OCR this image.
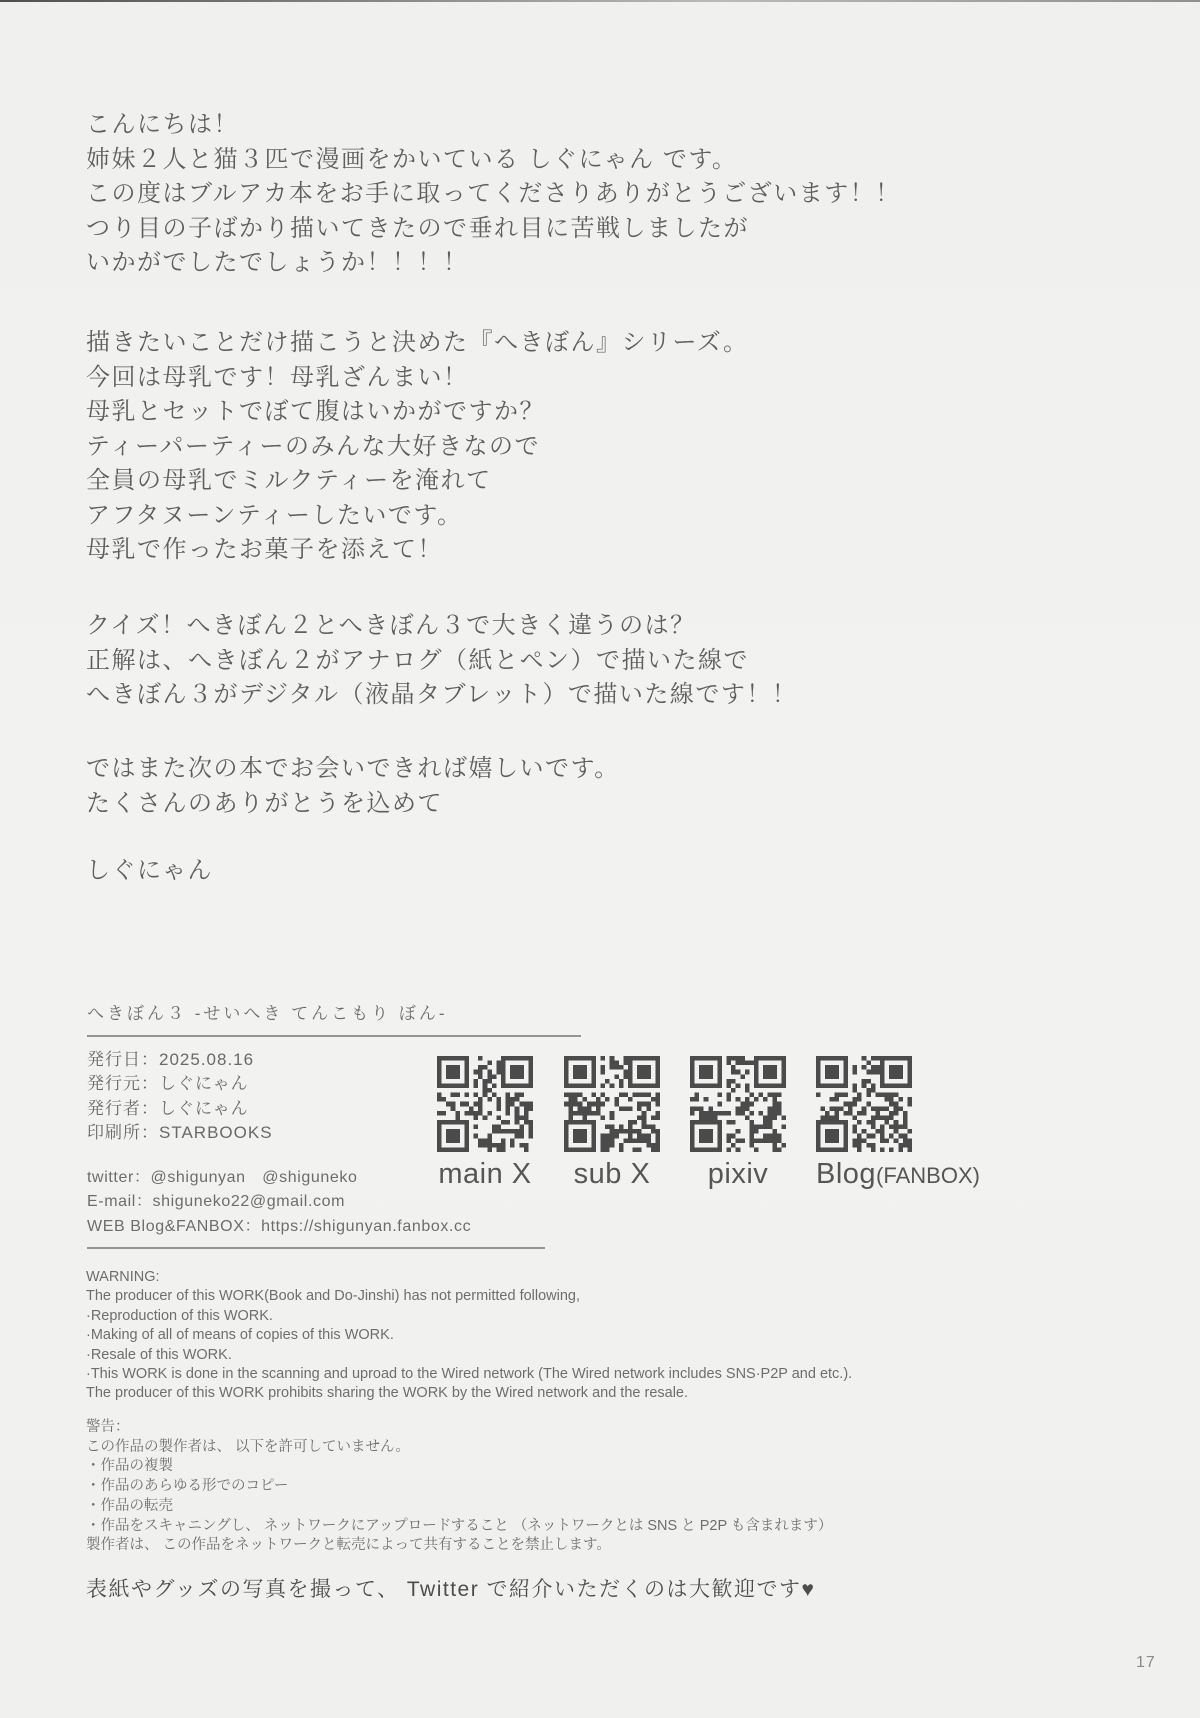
こんにちは！
姉妹２人と猫３匹で漫画をかいている しぐにゃん です。
この度はブルアカ本をお手に取ってくださりありがとうございます！！
つり目の子ばかり描いてきたので垂れ目に苦戦しましたが
いかがでしたでしょうか！！！！
描きたいことだけ描こうと決めた『へきぼん』シリーズ。
今回は母乳です！母乳ざんまい！
母乳とセットでぼて腹はいかがですか？
ティーパーティーのみんな大好きなので
全員の母乳でミルクティーを淹れて
アフタヌーンティーしたいです。
母乳で作ったお菓子を添えて！
クイズ！へきぼん２とへきぼん３で大きく違うのは？
正解は、へきぼん２がアナログ（紙とペン）で描いた線で
へきぼん３がデジタル（液晶タブレット）で描いた線です！！
ではまた次の本でお会いできれば嬉しいです。
たくさんのありがとうを込めて
しぐにゃん
へきぼん３ -せいへき てんこもり ぼん-
発行日：2025.08.16
発行元：しぐにゃん
発行者：しぐにゃん
印刷所：STARBOOKS
main X sub X pixiv Blog(FANBOX)
twitter：@shigunyan　@shiguneko
E-mail：shiguneko22@gmail.com
WEB Blog&FANBOX：https://shigunyan.fanbox.cc
WARNING:
The producer of this WORK(Book and Do-Jinshi) has not permitted following,
·Reproduction of this WORK.
·Making of all of means of copies of this WORK.
·Resale of this WORK.
·This WORK is done in the scanning and uproad to the Wired network (The Wired network includes SNS·P2P and etc.).
The producer of this WORK prohibits sharing the WORK by the Wired network and the resale.
警告：
この作品の製作者は、 以下を許可していません。
・作品の複製
・作品のあらゆる形でのコピー
・作品の転売
・作品をスキャニングし、 ネットワークにアップロードすること （ネットワークとは SNS と P2P も含まれます）
製作者は、 この作品をネットワークと転売によって共有することを禁止します。
表紙やグッズの写真を撮って、 Twitter で紹介いただくのは大歓迎です♥
17
